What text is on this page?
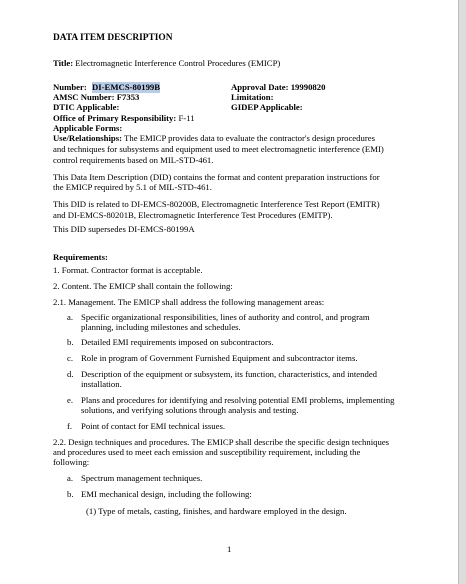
DATA ITEM DESCRIPTION
Title: Electromagnetic Interference Control Procedures (EMICP)
Number: DI-EMCS-80199B	Approval Date: 19990820
AMSC Number: F7353	Limitation:
DTIC Applicable:	GIDEP Applicable:
Office of Primary Responsibility: F-11
Applicable Forms:
Use/Relationships: The EMICP provides data to evaluate the contractor's design procedures
and techniques for subsystems and equipment used to meet electromagnetic interference (EMI)
control requirements based on MIL-STD-461.
This Data Item Description (DID) contains the format and content preparation instructions for
the EMICP required by 5.1 of MIL-STD-461.
This DID is related to DI-EMCS-80200B, Electromagnetic Interference Test Report (EMITR)
and DI-EMCS-80201B, Electromagnetic Interference Test Procedures (EMITP).
This DID supersedes DI-EMCS-80199A
Requirements:
1. Format. Contractor format is acceptable.
2. Content. The EMICP shall contain the following:
2.1. Management. The EMICP shall address the following management areas:
a. Specific organizational responsibilities, lines of authority and control, and program
planning, including milestones and schedules.
b. Detailed EMI requirements imposed on subcontractors.
c. Role in program of Government Furnished Equipment and subcontractor items.
d. Description of the equipment or subsystem, its function, characteristics, and intended
installation.
e. Plans and procedures for identifying and resolving potential EMI problems, implementing
solutions, and verifying solutions through analysis and testing.
f. Point of contact for EMI technical issues.
2.2. Design techniques and procedures. The EMICP shall describe the specific design techniques
and procedures used to meet each emission and susceptibility requirement, including the
following:
a. Spectrum management techniques.
b. EMI mechanical design, including the following:
(1) Type of metals, casting, finishes, and hardware employed in the design.
1
